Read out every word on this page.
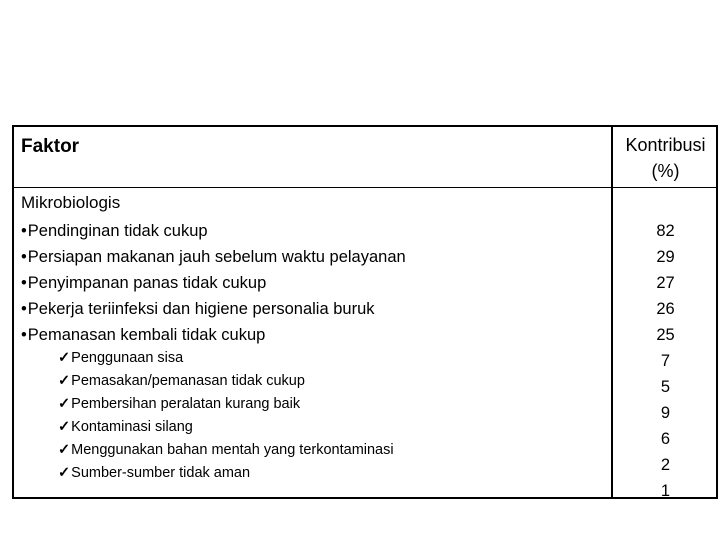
Faktor	Kontribusi
(%)
Mikrobiologis
• Pendinginan tidak cukup
• Persiapan makanan jauh sebelum waktu pelayanan
• Penyimpanan panas tidak cukup
• Pekerja teriinfeksi dan higiene personalia buruk
• Pemanasan kembali tidak cukup
✓ Penggunaan sisa
✓ Pemasakan/pemanasan tidak cukup
✓ Pembersihan peralatan kurang baik
✓ Kontaminasi silang
✓ Menggunakan bahan mentah yang terkontaminasi
✓ Sumber-sumber tidak aman
82
29
27
26
25
7
5
9
6
2
1
